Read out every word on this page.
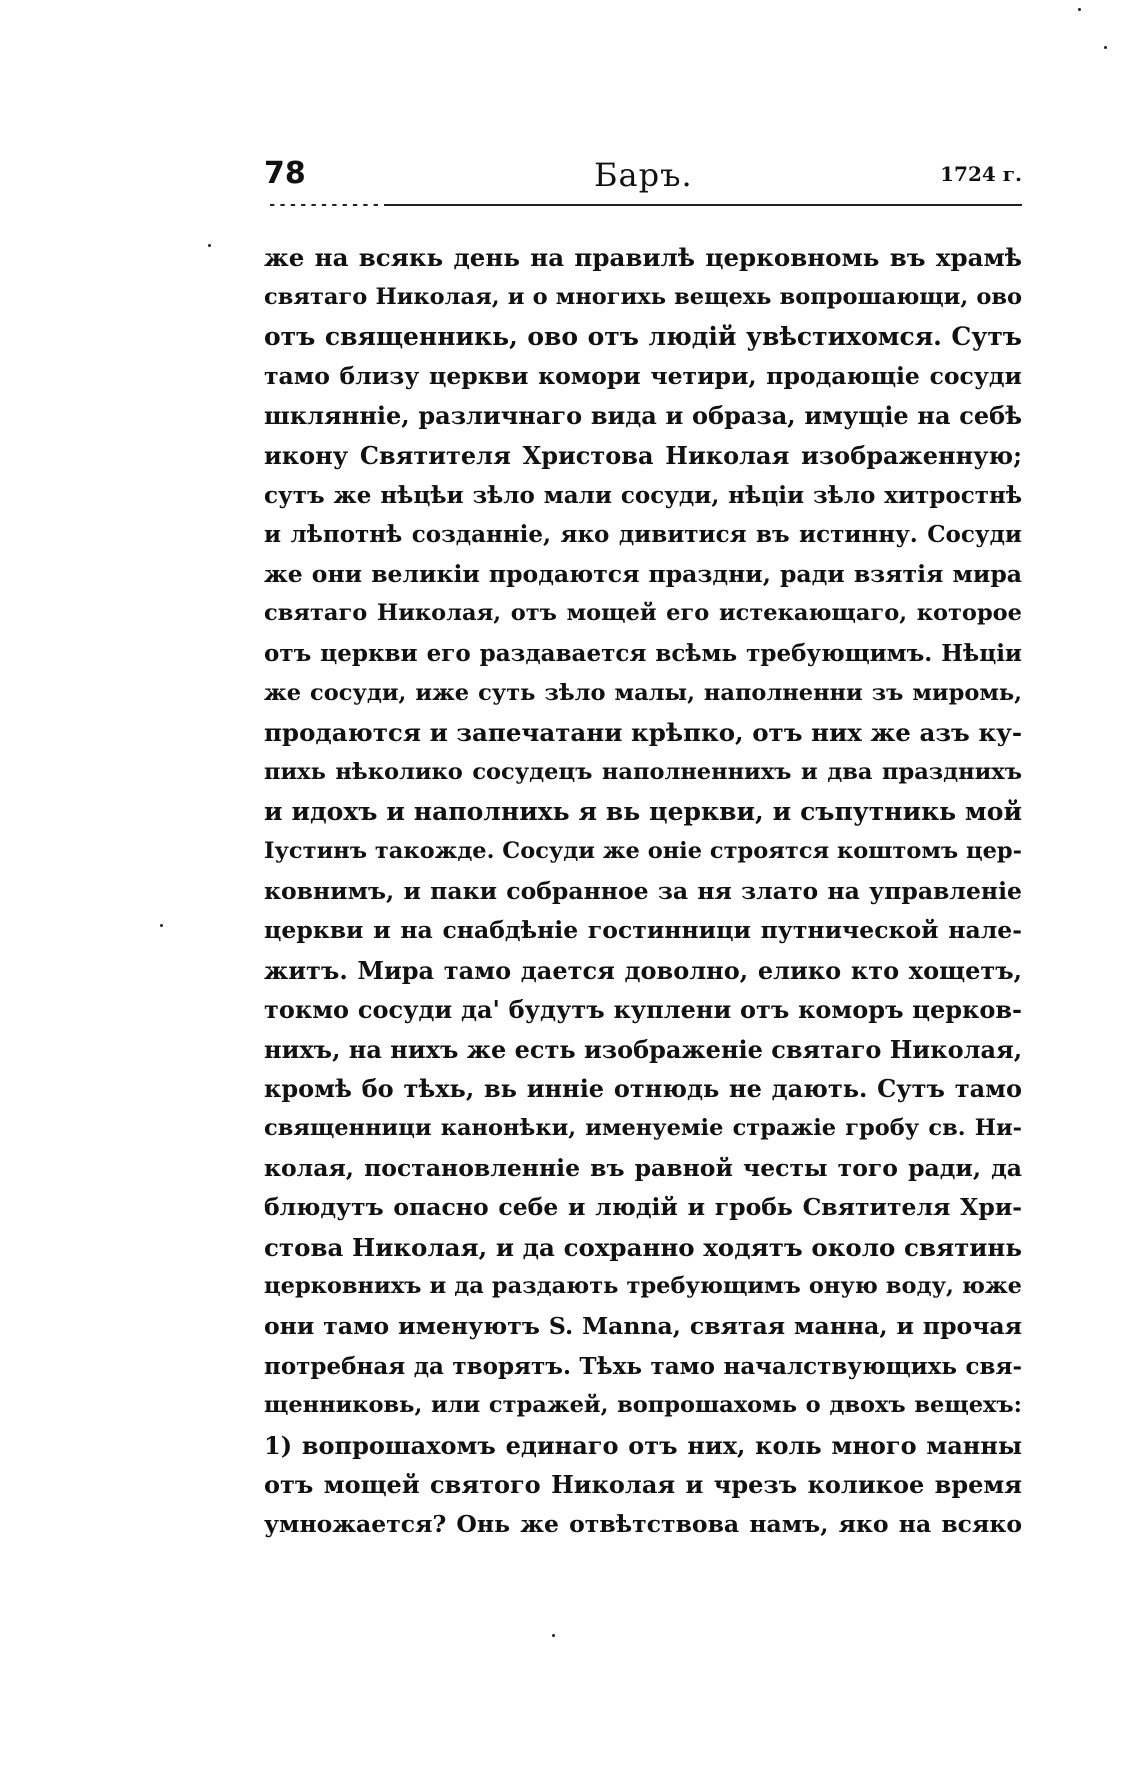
78	Баръ.	1724 г.
же на всякь день на правилѣ церковномь въ храмѣ
святаго Николая, и о многихь вещехь вопрошающи, ово
отъ священникь, ово отъ людій увѣстихомся. Сутъ
тамо близу церкви комори четири, продающіе сосуди
шклянніе, различнаго вида и образа, имущіе на себѣ
икону Святителя Христова Николая изображенную;
сутъ же нѣцѣи зѣло мали сосуди, нѣціи зѣло хитростнѣ
и лѣпотнѣ созданніе, яко дивитися въ истинну. Сосуди
же они великіи продаются праздни, ради взятія мира
святаго Николая, отъ мощей его истекающаго, которое
отъ церкви его раздавается всѣмь требующимъ. Нѣціи
же сосуди, иже суть зѣло малы, наполненни зъ миромь,
продаются и запечатани крѣпко, отъ них же азъ ку-
пихь нѣколико сосудецъ наполненнихъ и два празднихъ
и идохъ и наполнихь я вь церкви, и съпутникь мой
Іустинъ такожде. Сосуди же оніе строятся коштомъ цер-
ковнимъ, и паки собранное за ня злато на управленіе
церкви и на снабдѣніе гостинници путнической нале-
житъ. Мира тамо дается доволно, елико кто хощетъ,
токмо сосуди да' будутъ куплени отъ коморъ церков-
нихъ, на нихъ же есть изображеніе святаго Николая,
кромѣ бо тѣхь, вь инніе отнюдь не дають. Сутъ тамо
священници канонѣки, именуеміе стражіе гробу св. Ни-
колая, постановленніе въ равной честы того ради, да
блюдутъ опасно себе и людій и гробь Святителя Хри-
стова Николая, и да сохранно ходятъ около святинь
церковнихъ и да раздають требующимъ оную воду, юже
они тамо именуютъ S. Manna, святая манна, и прочая
потребная да творятъ. Тѣхь тамо началствующихь свя-
щенниковь, или стражей, вопрошахомь о двохъ вещехъ:
1) вопрошахомъ единаго отъ них, коль много манны
отъ мощей святого Николая и чрезъ коликое время
умножается? Онь же отвѣтствова намъ, яко на всяко
